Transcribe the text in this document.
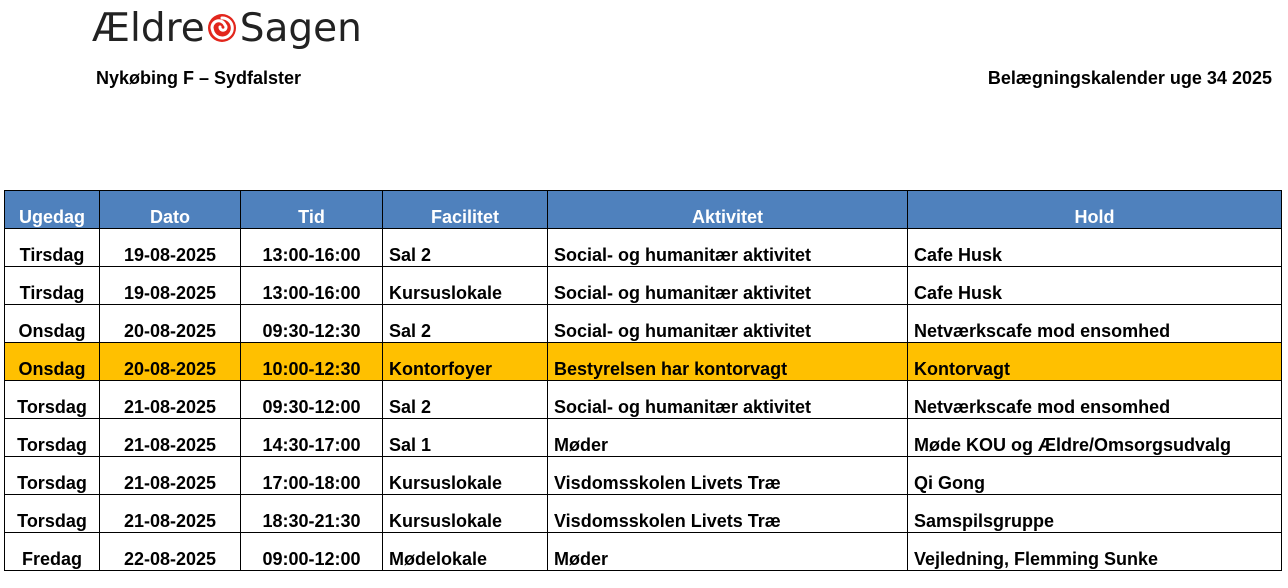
Ældre Sagen
Nykøbing F – Sydfalster	Belægningskalender uge 34 2025
Ugedag	Dato	Tid	Facilitet	Aktivitet	Hold
Tirsdag	19-08-2025	13:00-16:00	Sal 2	Social- og humanitær aktivitet	Cafe Husk
Tirsdag	19-08-2025	13:00-16:00	Kursuslokale	Social- og humanitær aktivitet	Cafe Husk
Onsdag	20-08-2025	09:30-12:30	Sal 2	Social- og humanitær aktivitet	Netværkscafe mod ensomhed
Onsdag	20-08-2025	10:00-12:30	Kontorfoyer	Bestyrelsen har kontorvagt	Kontorvagt
Torsdag	21-08-2025	09:30-12:00	Sal 2	Social- og humanitær aktivitet	Netværkscafe mod ensomhed
Torsdag	21-08-2025	14:30-17:00	Sal 1	Møder	Møde KOU og Ældre/Omsorgsudvalg
Torsdag	21-08-2025	17:00-18:00	Kursuslokale	Visdomsskolen Livets Træ	Qi Gong
Torsdag	21-08-2025	18:30-21:30	Kursuslokale	Visdomsskolen Livets Træ	Samspilsgruppe
Fredag	22-08-2025	09:00-12:00	Mødelokale	Møder	Vejledning, Flemming Sunke
